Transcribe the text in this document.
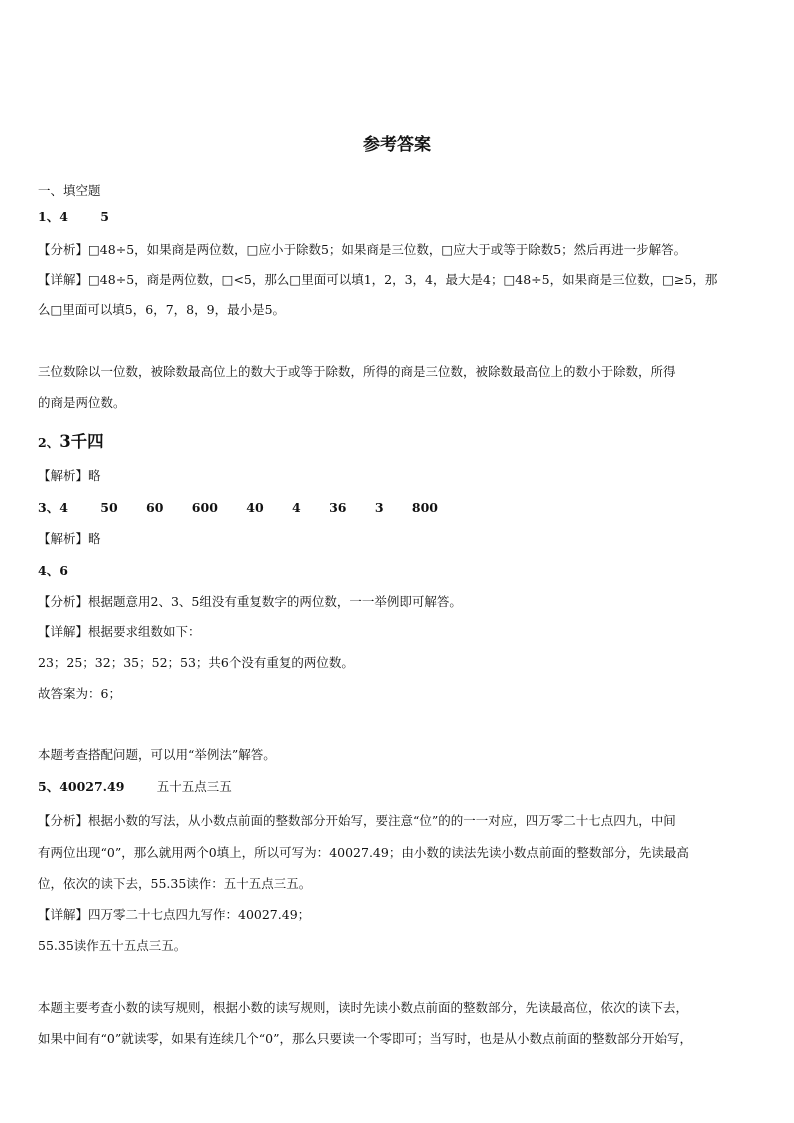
参考答案
一、填空题
1、4	5
【分析】□48÷5，如果商是两位数，□应小于除数5；如果商是三位数，□应大于或等于除数5；然后再进一步解答。
【详解】□48÷5，商是两位数，□<5，那么□里面可以填1，2，3，4，最大是4；□48÷5，如果商是三位数，□≥5，那
么□里面可以填5，6，7，8，9，最小是5。
三位数除以一位数，被除数最高位上的数大于或等于除数，所得的商是三位数，被除数最高位上的数小于除数，所得
的商是两位数。
2、3千四
【解析】略
3、4	50 60 600 40 4 36 3 800
【解析】略
4、6
【分析】根据题意用2、3、5组没有重复数字的两位数，一一举例即可解答。
【详解】根据要求组数如下：
23；25；32；35；52；53；共6个没有重复的两位数。
故答案为：6；
本题考查搭配问题，可以用“举例法”解答。
5、40027.49	五十五点三五
【分析】根据小数的写法，从小数点前面的整数部分开始写，要注意“位”的的一一对应，四万零二十七点四九，中间
有两位出现“0”，那么就用两个0填上，所以可写为：40027.49；由小数的读法先读小数点前面的整数部分，先读最高
位，依次的读下去，55.35读作：五十五点三五。
【详解】四万零二十七点四九写作：40027.49；
55.35读作五十五点三五。
本题主要考查小数的读写规则，根据小数的读写规则，读时先读小数点前面的整数部分，先读最高位，依次的读下去，
如果中间有“0”就读零，如果有连续几个“0”，那么只要读一个零即可；当写时，也是从小数点前面的整数部分开始写，
